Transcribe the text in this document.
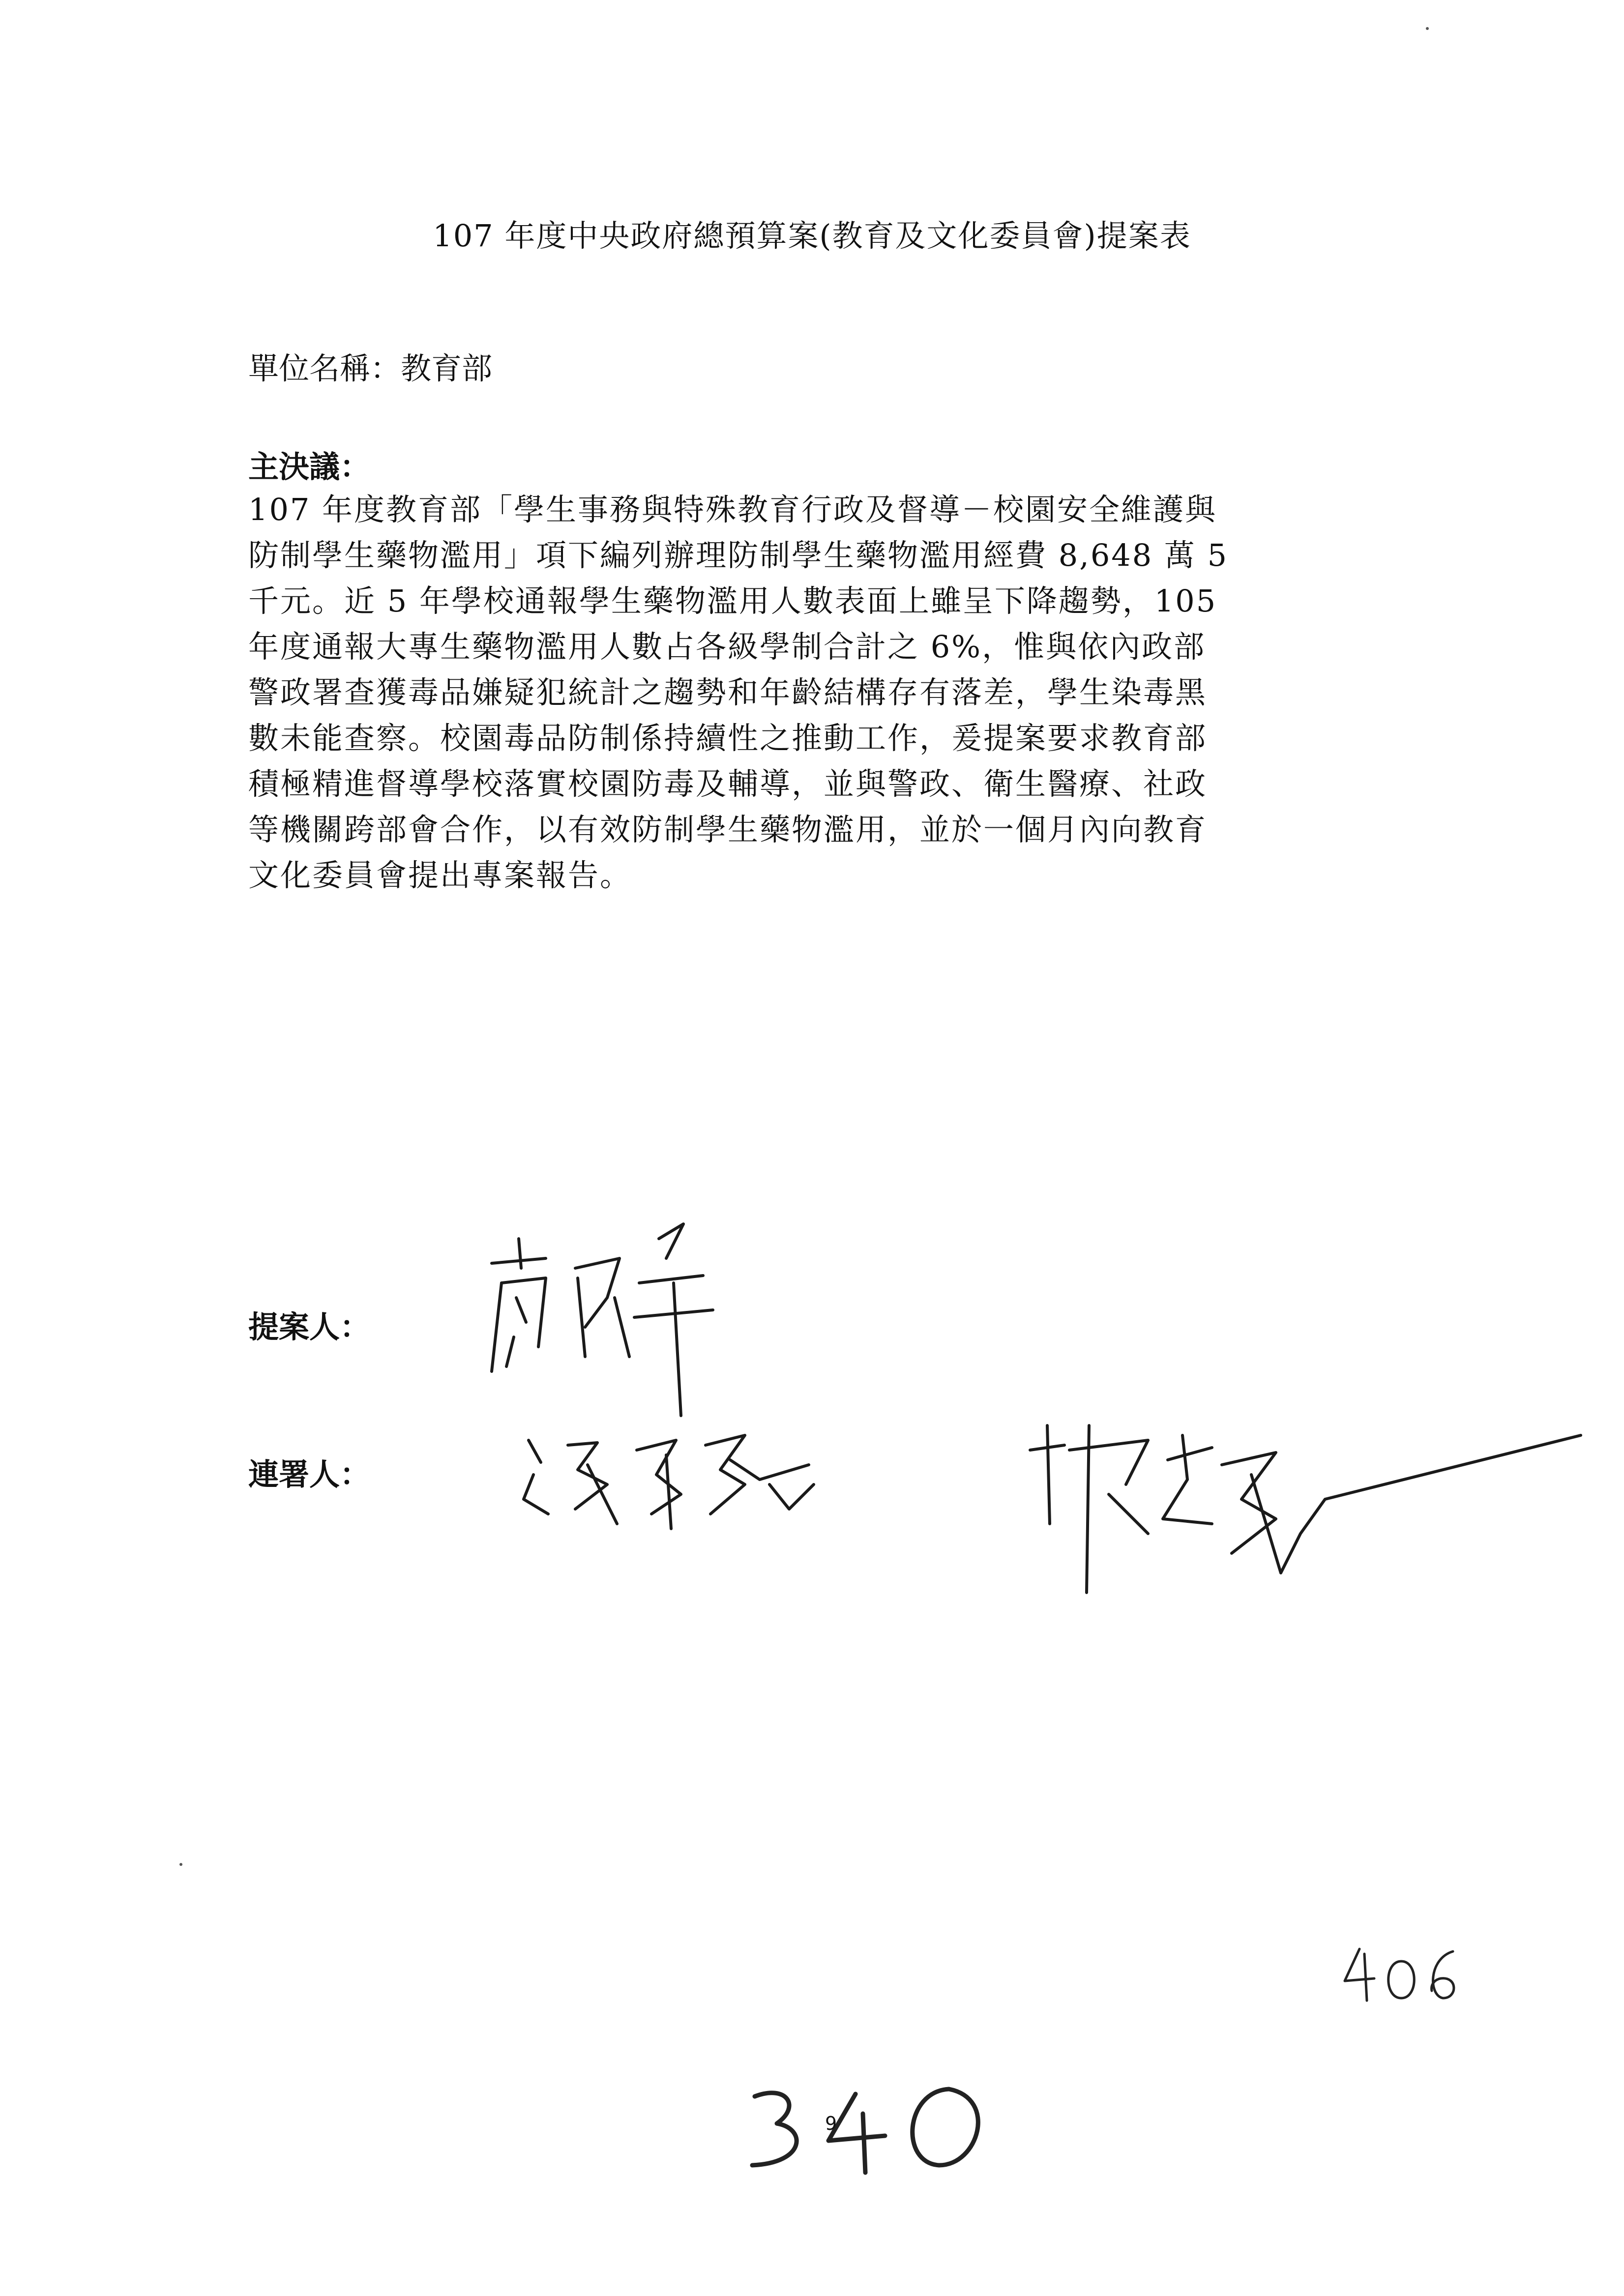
107 年度中央政府總預算案(教育及文化委員會)提案表
單位名稱：教育部
主決議：
107 年度教育部「學生事務與特殊教育行政及督導－校園安全維護與
防制學生藥物濫用」項下編列辦理防制學生藥物濫用經費 8,648 萬 5
千元。近 5 年學校通報學生藥物濫用人數表面上雖呈下降趨勢，105
年度通報大專生藥物濫用人數占各級學制合計之 6%，惟與依內政部
警政署查獲毒品嫌疑犯統計之趨勢和年齡結構存有落差，學生染毒黑
數未能查察。校園毒品防制係持續性之推動工作，爰提案要求教育部
積極精進督導學校落實校園防毒及輔導，並與警政、衛生醫療、社政
等機關跨部會合作，以有效防制學生藥物濫用，並於一個月內向教育
文化委員會提出專案報告。
提案人：
連署人：
9
